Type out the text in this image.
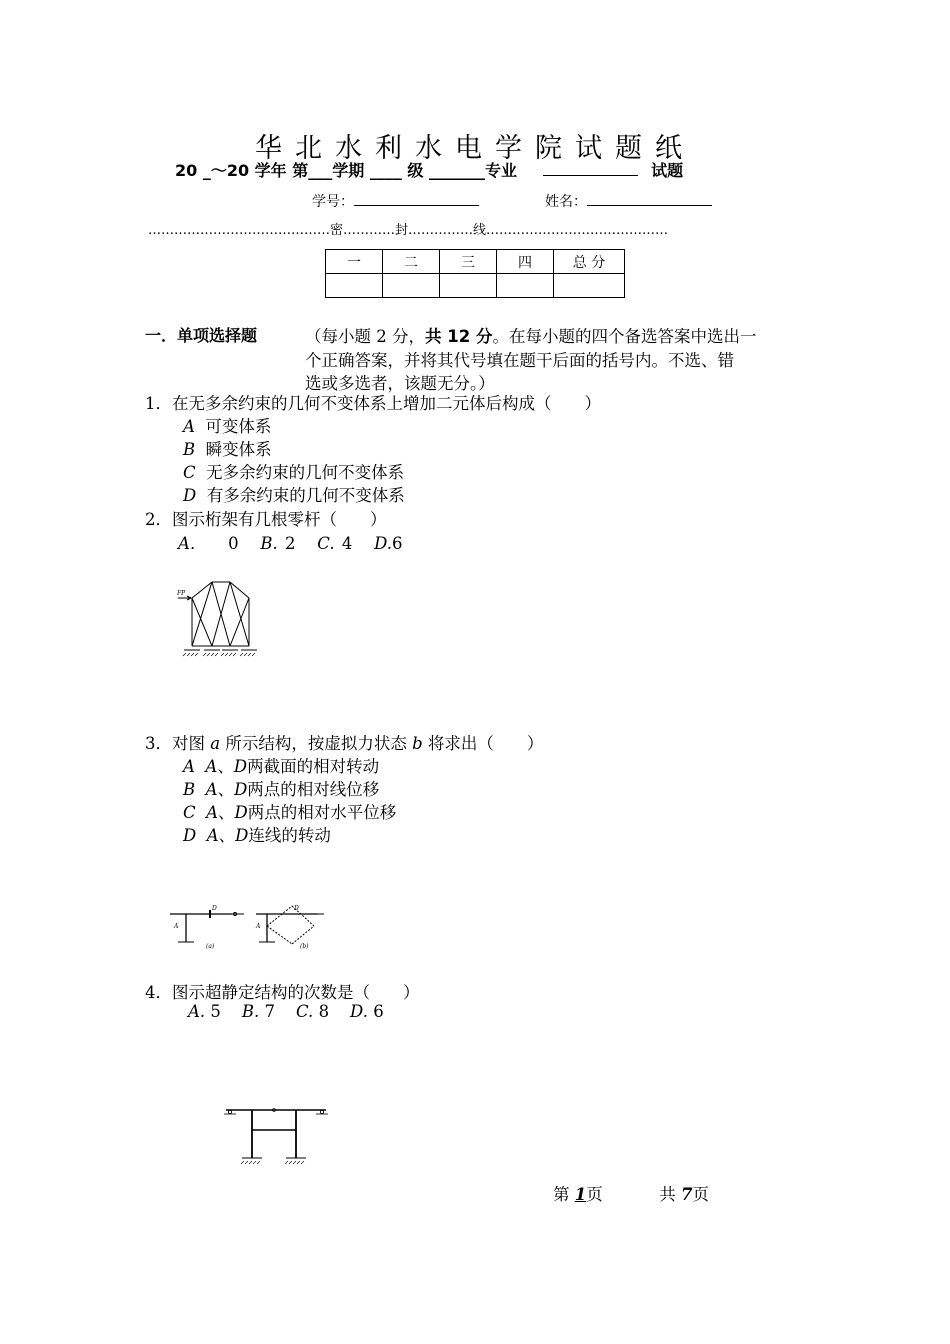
华北水利水电学院试题纸
20 _～20 学年 第___学期 ____ 级 _______专业	试题
学号：	姓名：
……………………………………密…………封……………线……………………………………
一	二	三	四	总 分

一．单项选择题	（每小题 2 分，共 12 分。在每小题的四个备选答案中选出一
个正确答案，并将其代号填在题干后面的括号内。不选、错
选或多选者，该题无分。）
1．在无多余约束的几何不变体系上增加二元体后构成（　　）
A 可变体系
B 瞬变体系
C 无多余约束的几何不变体系
D 有多余约束的几何不变体系
2．图示桁架有几根零杆（　　）
A． 0 B. 2 C. 4 D.6
FP
3．对图 a 所示结构，按虚拟力状态 b 将求出（　　）
A A、D两截面的相对转动
B A、D两点的相对线位移
C A、D两点的相对水平位移
D A、D连线的转动
A
D
(a)
A
D
(b)
4．图示超静定结构的次数是（　　）
A. 5 B. 7 C. 8 D. 6
第 1页	共 7页
